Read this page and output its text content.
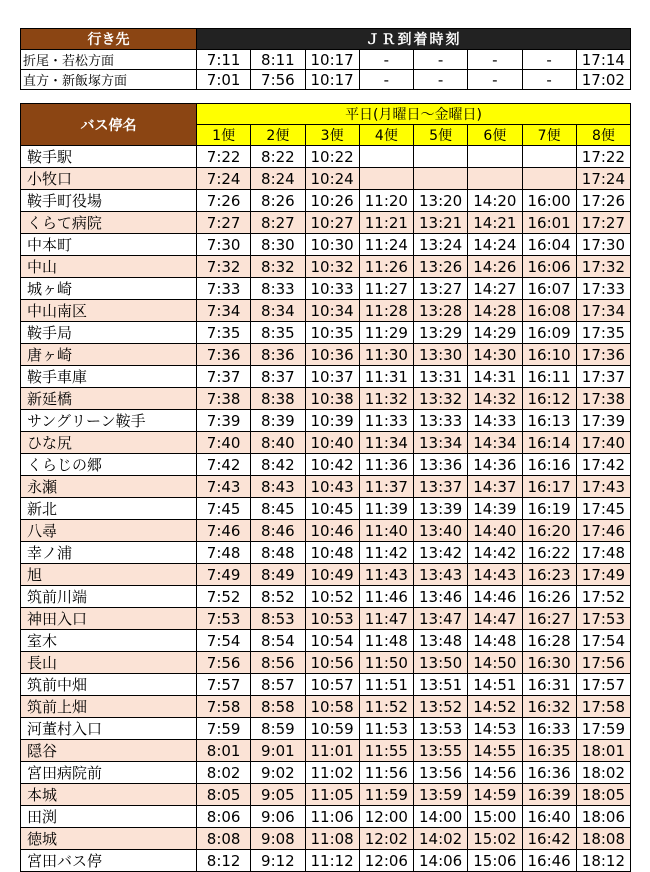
行き先	ＪＲ到着時刻							
折尾・若松方面	7:11	8:11	10:17	-	-	-	-	17:14
直方・新飯塚方面	7:01	7:56	10:17	-	-	-	-	17:02
バス停名	平日(月曜日～金曜日)							
	1便	2便	3便	4便	5便	6便	7便	8便
鞍手駅	7:22	8:22	10:22					17:22
小牧口	7:24	8:24	10:24					17:24
鞍手町役場	7:26	8:26	10:26	11:20	13:20	14:20	16:00	17:26
くらて病院	7:27	8:27	10:27	11:21	13:21	14:21	16:01	17:27
中本町	7:30	8:30	10:30	11:24	13:24	14:24	16:04	17:30
中山	7:32	8:32	10:32	11:26	13:26	14:26	16:06	17:32
城ヶ崎	7:33	8:33	10:33	11:27	13:27	14:27	16:07	17:33
中山南区	7:34	8:34	10:34	11:28	13:28	14:28	16:08	17:34
鞍手局	7:35	8:35	10:35	11:29	13:29	14:29	16:09	17:35
唐ヶ崎	7:36	8:36	10:36	11:30	13:30	14:30	16:10	17:36
鞍手車庫	7:37	8:37	10:37	11:31	13:31	14:31	16:11	17:37
新延橋	7:38	8:38	10:38	11:32	13:32	14:32	16:12	17:38
サングリーン鞍手	7:39	8:39	10:39	11:33	13:33	14:33	16:13	17:39
ひな尻	7:40	8:40	10:40	11:34	13:34	14:34	16:14	17:40
くらじの郷	7:42	8:42	10:42	11:36	13:36	14:36	16:16	17:42
永瀬	7:43	8:43	10:43	11:37	13:37	14:37	16:17	17:43
新北	7:45	8:45	10:45	11:39	13:39	14:39	16:19	17:45
八尋	7:46	8:46	10:46	11:40	13:40	14:40	16:20	17:46
幸ノ浦	7:48	8:48	10:48	11:42	13:42	14:42	16:22	17:48
旭	7:49	8:49	10:49	11:43	13:43	14:43	16:23	17:49
筑前川端	7:52	8:52	10:52	11:46	13:46	14:46	16:26	17:52
神田入口	7:53	8:53	10:53	11:47	13:47	14:47	16:27	17:53
室木	7:54	8:54	10:54	11:48	13:48	14:48	16:28	17:54
長山	7:56	8:56	10:56	11:50	13:50	14:50	16:30	17:56
筑前中畑	7:57	8:57	10:57	11:51	13:51	14:51	16:31	17:57
筑前上畑	7:58	8:58	10:58	11:52	13:52	14:52	16:32	17:58
河董村入口	7:59	8:59	10:59	11:53	13:53	14:53	16:33	17:59
隠谷	8:01	9:01	11:01	11:55	13:55	14:55	16:35	18:01
宮田病院前	8:02	9:02	11:02	11:56	13:56	14:56	16:36	18:02
本城	8:05	9:05	11:05	11:59	13:59	14:59	16:39	18:05
田渕	8:06	9:06	11:06	12:00	14:00	15:00	16:40	18:06
徳城	8:08	9:08	11:08	12:02	14:02	15:02	16:42	18:08
宮田バス停	8:12	9:12	11:12	12:06	14:06	15:06	16:46	18:12
